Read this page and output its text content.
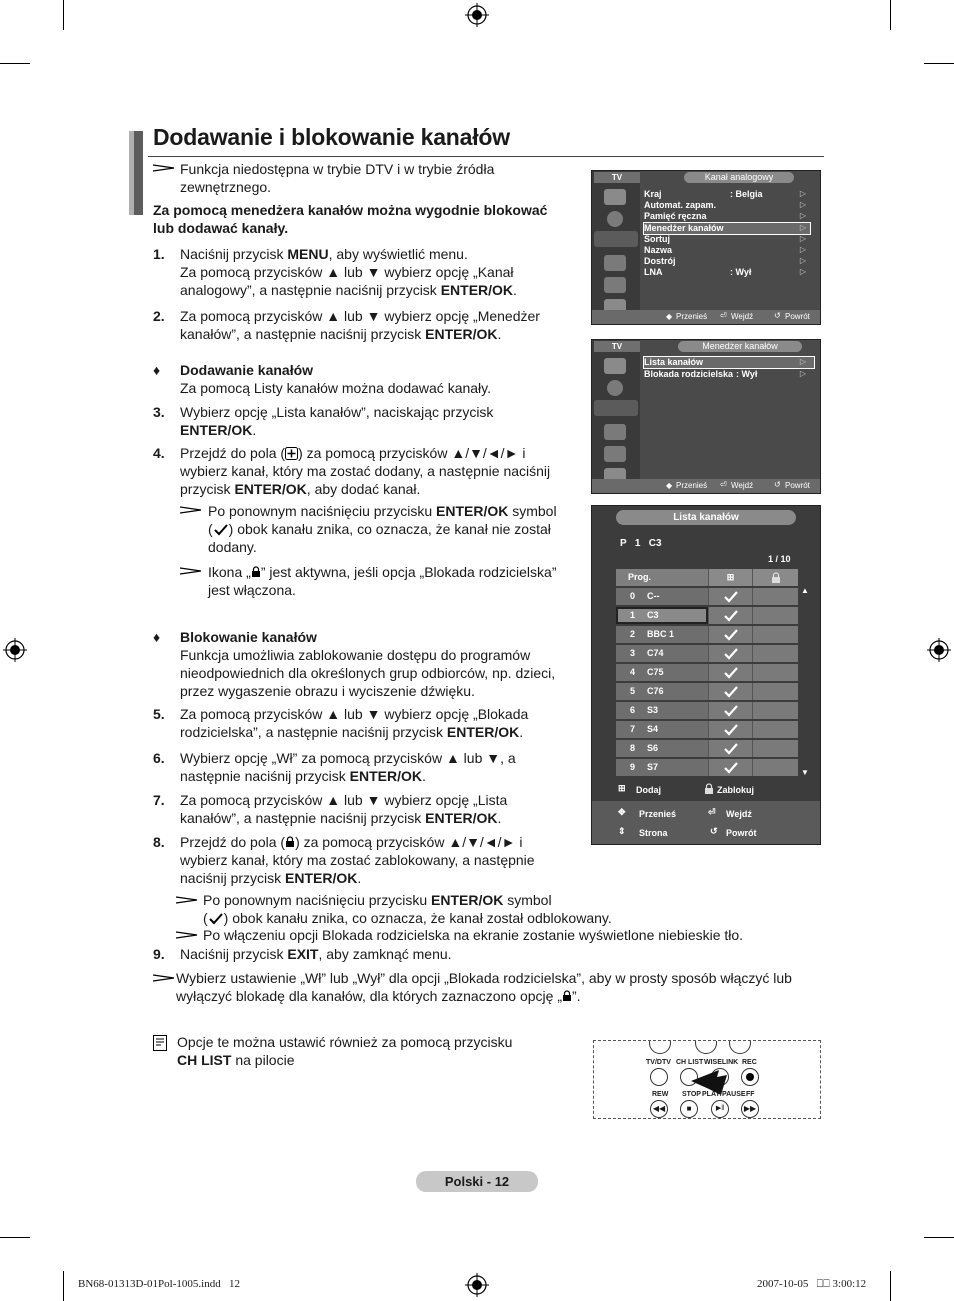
Dodawanie i blokowanie kanałów
Funkcja niedostępna w trybie DTV i w trybie źródła
zewnętrznego.
Za pomocą menedżera kanałów można wygodnie blokować
lub dodawać kanały.
1. Naciśnij przycisk MENU, aby wyświetlić menu.
Za pomocą przycisków ▲ lub ▼ wybierz opcję „Kanał
analogowy”, a następnie naciśnij przycisk ENTER/OK.
2. Za pomocą przycisków ▲ lub ▼ wybierz opcję „Menedżer
kanałów”, a następnie naciśnij przycisk ENTER/OK.
♦ Dodawanie kanałów
Za pomocą Listy kanałów można dodawać kanały.
3. Wybierz opcję „Lista kanałów”, naciskając przycisk
ENTER/OK.
4. Przejdź do pola ( ) za pomocą przycisków ▲/▼/◄/► i
wybierz kanał, który ma zostać dodany, a następnie naciśnij
przycisk ENTER/OK, aby dodać kanał.
Po ponownym naciśnięciu przycisku ENTER/OK symbol
( ) obok kanału znika, co oznacza, że kanał nie został
dodany.
Ikona „ ” jest aktywna, jeśli opcja „Blokada rodzicielska”
jest włączona.
♦ Blokowanie kanałów
Funkcja umożliwia zablokowanie dostępu do programów
nieodpowiednich dla określonych grup odbiorców, np. dzieci,
przez wygaszenie obrazu i wyciszenie dźwięku.
5. Za pomocą przycisków ▲ lub ▼ wybierz opcję „Blokada
rodzicielska”, a następnie naciśnij przycisk ENTER/OK.
6. Wybierz opcję „Wł” za pomocą przycisków ▲ lub ▼, a
następnie naciśnij przycisk ENTER/OK.
7. Za pomocą przycisków ▲ lub ▼ wybierz opcję „Lista
kanałów”, a następnie naciśnij przycisk ENTER/OK.
8. Przejdź do pola ( ) za pomocą przycisków ▲/▼/◄/► i
wybierz kanał, który ma zostać zablokowany, a następnie
naciśnij przycisk ENTER/OK.
Po ponownym naciśnięciu przycisku ENTER/OK symbol
( ) obok kanału znika, co oznacza, że kanał został odblokowany.
Po włączeniu opcji Blokada rodzicielska na ekranie zostanie wyświetlone niebieskie tło.
9. Naciśnij przycisk EXIT, aby zamknąć menu.
Wybierz ustawienie „Wł” lub „Wył” dla opcji „Blokada rodzicielska”, aby w prosty sposób włączyć lub
wyłączyć blokadę dla kanałów, dla których zaznaczono opcję „ ”.
Opcje te można ustawić również za pomocą przycisku
CH LIST na pilocie
TV	Kanał analogowy
Kraj	: Belgia	▷
Automat. zapam.	▷
Pamięć ręczna	▷
Menedżer kanałów	▷
Sortuj	▷
Nazwa	▷
Dostrój	▷
LNA	: Wył	▷
◆ Przenieś ⏎ Wejdź	↺ Powrót
TV	Menedżer kanałów
Lista kanałów	▷
Blokada rodzicielska : Wył	▷
◆ Przenieś ⏎ Wejdź	↺ Powrót
Lista kanałów
P   1   C3
1 / 10
Prog.	⊞
0 C--
1 C3
2 BBC 1
3 C74
4 C75
5 C76
6 S3
7 S4
8 S6
9 S7
▲
▼
⊞ Dodaj	Zablokuj
✥ Przenieś	⏎ Wejdź
⇕ Strona	↺ Powrót
TV/DTV CH LIST WISELINK REC
REW STOP PLAY/PAUSE FF
◀◀	■	▶‖	▶▶
Polski - 12
BN68-01313D-01Pol-1005.indd   12	2007-10-05   ⎕⎕ 3:00:12
